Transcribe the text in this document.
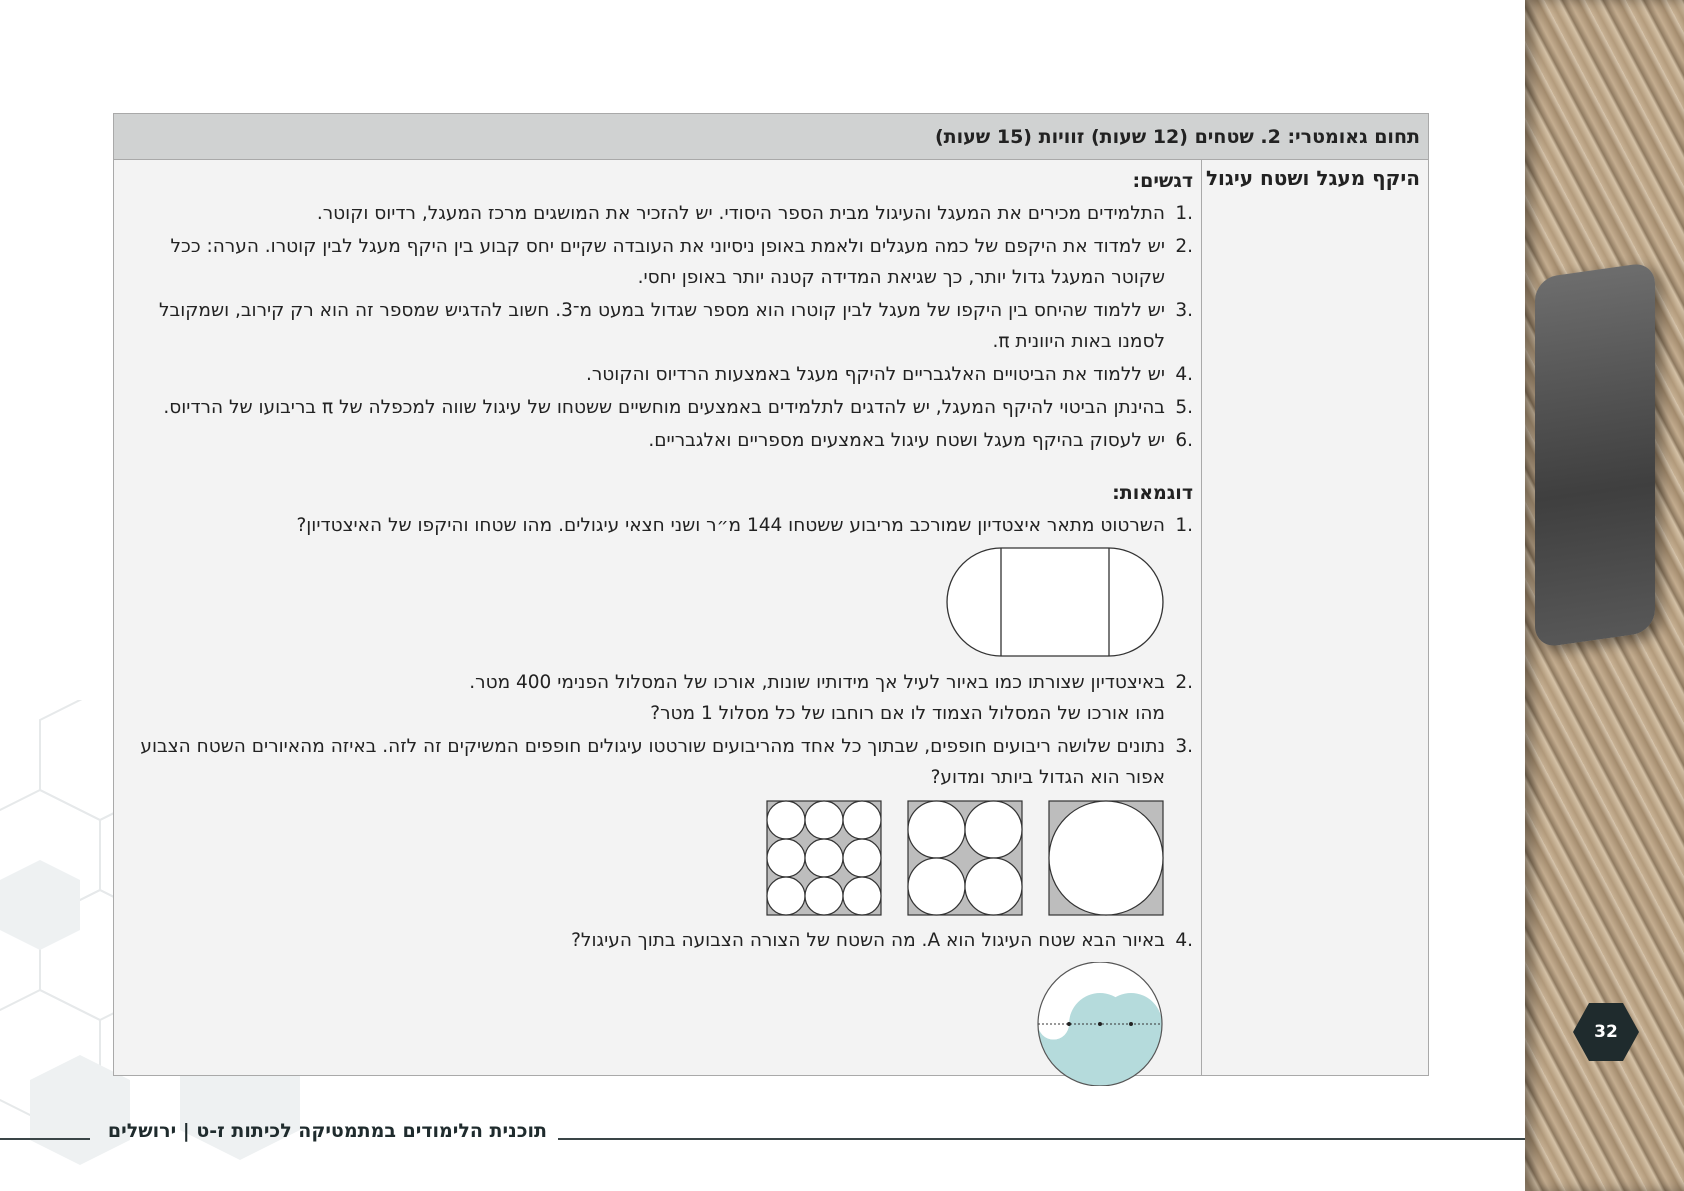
תחום גאומטרי: 2. שטחים (12 שעות) זוויות (15 שעות)
היקף מעגל ושטח עיגול
דגשים:
.1
התלמידים מכירים את המעגל והעיגול מבית הספר היסודי. יש להזכיר את המושגים מרכז המעגל, רדיוס וקוטר.
.2
יש למדוד את היקפם של כמה מעגלים ולאמת באופן ניסיוני את העובדה שקיים יחס קבוע בין היקף מעגל לבין קוטרו. הערה: ככל שקוטר המעגל גדול יותר, כך שגיאת המדידה קטנה יותר באופן יחסי.
.3
יש ללמוד שהיחס בין היקפו של מעגל לבין קוטרו הוא מספר שגדול במעט מ־3. חשוב להדגיש שמספר זה הוא רק קירוב, ושמקובל לסמנו באות היוונית π.
.4
יש ללמוד את הביטויים האלגבריים להיקף מעגל באמצעות הרדיוס והקוטר.
.5
בהינתן הביטוי להיקף המעגל, יש להדגים לתלמידים באמצעים מוחשיים ששטחו של עיגול שווה למכפלה של π בריבועו של הרדיוס.
.6
יש לעסוק בהיקף מעגל ושטח עיגול באמצעים מספריים ואלגבריים.
דוגמאות:
.1
השרטוט מתאר איצטדיון שמורכב מריבוע ששטחו 144 מ״ר ושני חצאי עיגולים. מהו שטחו והיקפו של האיצטדיון?
.2
באיצטדיון שצורתו כמו באיור לעיל אך מידותיו שונות, אורכו של המסלול הפנימי 400 מטר.
מהו אורכו של המסלול הצמוד לו אם רוחבו של כל מסלול 1 מטר?
.3
נתונים שלושה ריבועים חופפים, שבתוך כל אחד מהריבועים שורטטו עיגולים חופפים המשיקים זה לזה. באיזה מהאיורים השטח הצבוע אפור הוא הגדול ביותר ומדוע?
.4
באיור הבא שטח העיגול הוא A. מה השטח של הצורה הצבועה בתוך העיגול?
32
תוכנית הלימודים במתמטיקה לכיתות ז-ט | ירושלים
